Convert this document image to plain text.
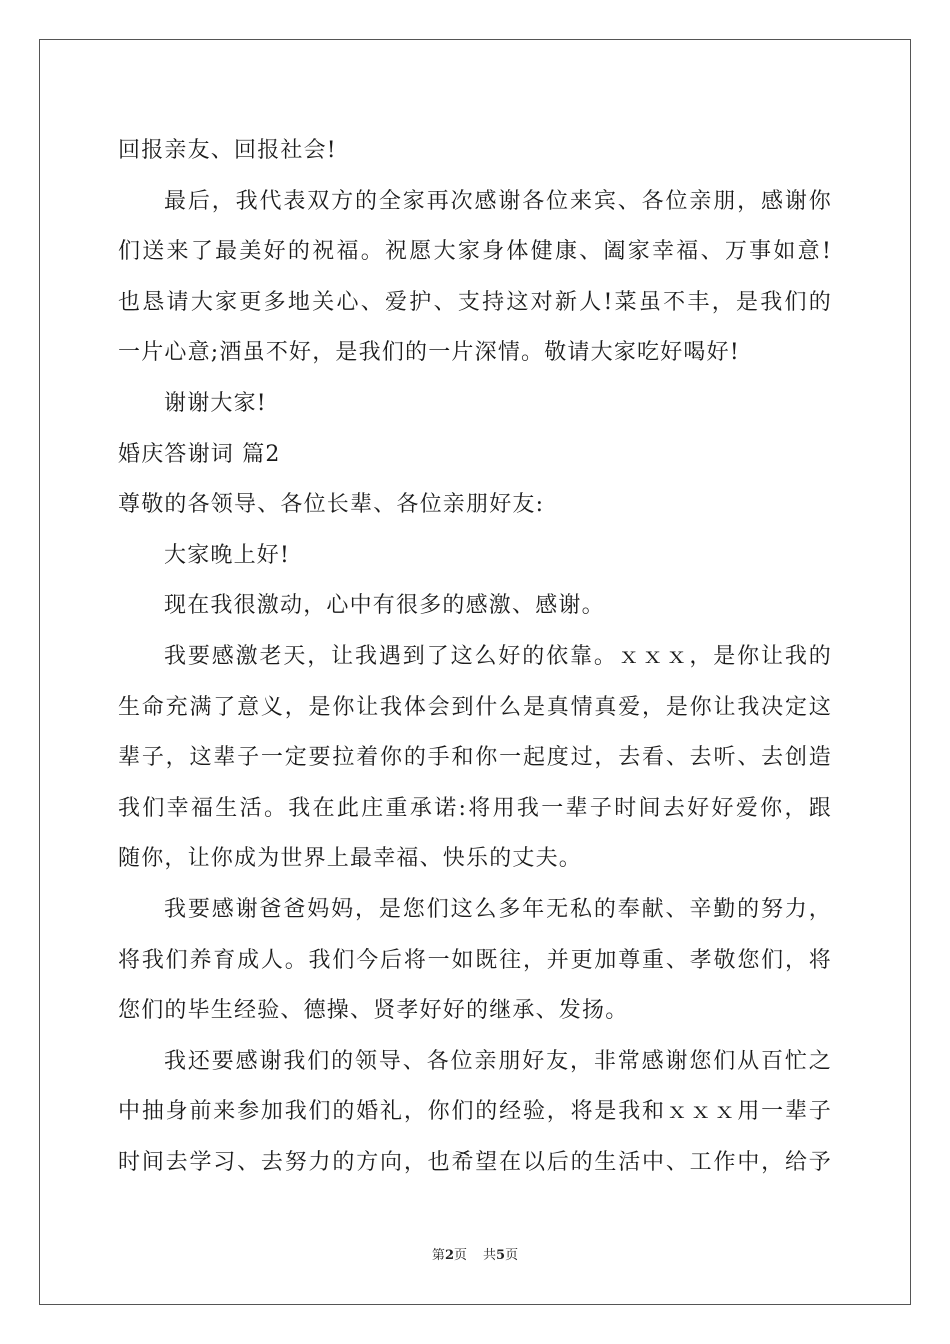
回报亲友、回报社会!
最后，我代表双方的全家再次感谢各位来宾、各位亲朋，感谢你
们送来了最美好的祝福。祝愿大家身体健康、阖家幸福、万事如意!
也恳请大家更多地关心、爱护、支持这对新人!菜虽不丰，是我们的
一片心意;酒虽不好，是我们的一片深情。敬请大家吃好喝好!
谢谢大家!
婚庆答谢词 篇2
尊敬的各领导、各位长辈、各位亲朋好友:
大家晚上好!
现在我很激动，心中有很多的感激、感谢。
我要感激老天，让我遇到了这么好的依靠。ｘｘｘ，是你让我的
生命充满了意义，是你让我体会到什么是真情真爱，是你让我决定这
辈子，这辈子一定要拉着你的手和你一起度过，去看、去听、去创造
我们幸福生活。我在此庄重承诺:将用我一辈子时间去好好爱你，跟
随你，让你成为世界上最幸福、快乐的丈夫。
我要感谢爸爸妈妈，是您们这么多年无私的奉献、辛勤的努力，
将我们养育成人。我们今后将一如既往，并更加尊重、孝敬您们，将
您们的毕生经验、德操、贤孝好好的继承、发扬。
我还要感谢我们的领导、各位亲朋好友，非常感谢您们从百忙之
中抽身前来参加我们的婚礼，你们的经验，将是我和ｘｘｘ用一辈子
时间去学习、去努力的方向，也希望在以后的生活中、工作中，给予
第2页 共5页
